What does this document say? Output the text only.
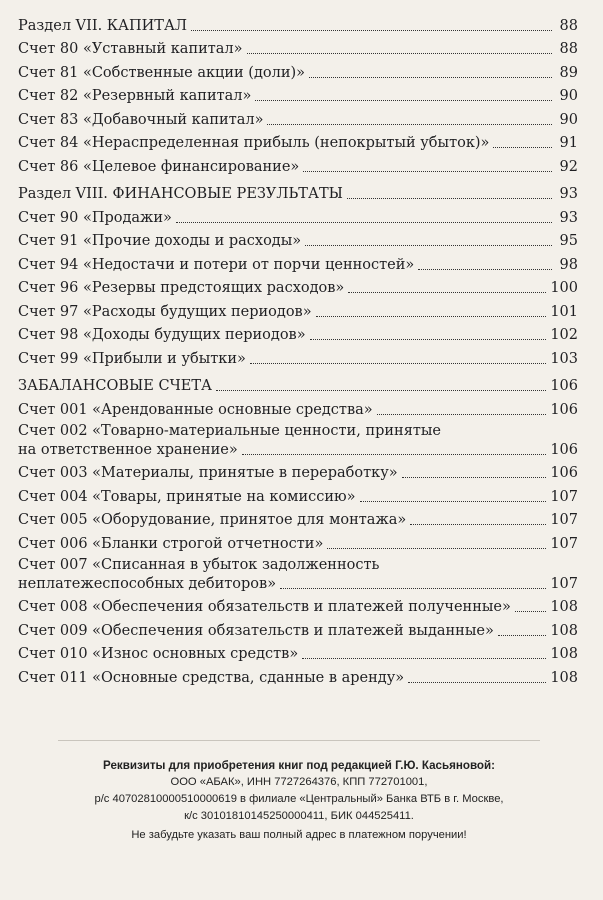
Раздел VII. КАПИТАЛ	88
Счет 80 «Уставный капитал»	88
Счет 81 «Собственные акции (доли)»	89
Счет 82 «Резервный капитал»	90
Счет 83 «Добавочный капитал»	90
Счет 84 «Нераспределенная прибыль (непокрытый убыток)»	91
Счет 86 «Целевое финансирование»	92
Раздел VIII. ФИНАНСОВЫЕ РЕЗУЛЬТАТЫ	93
Счет 90 «Продажи»	93
Счет 91 «Прочие доходы и расходы»	95
Счет 94 «Недостачи и потери от порчи ценностей»	98
Счет 96 «Резервы предстоящих расходов»	100
Счет 97 «Расходы будущих периодов»	101
Счет 98 «Доходы будущих периодов»	102
Счет 99 «Прибыли и убытки»	103
ЗАБАЛАНСОВЫЕ СЧЕТА	106
Счет 001 «Арендованные основные средства»	106
Счет 002 «Товарно-материальные ценности, принятые
на ответственное хранение»	106
Счет 003 «Материалы, принятые в переработку»	106
Счет 004 «Товары, принятые на комиссию»	107
Счет 005 «Оборудование, принятое для монтажа»	107
Счет 006 «Бланки строгой отчетности»	107
Счет 007 «Списанная в убыток задолженность
неплатежеспособных дебиторов»	107
Счет 008 «Обеспечения обязательств и платежей полученные»	108
Счет 009 «Обеспечения обязательств и платежей выданные»	108
Счет 010 «Износ основных средств»	108
Счет 011 «Основные средства, сданные в аренду»	108
Реквизиты для приобретения книг под редакцией Г.Ю. Касьяновой:
ООО «АБАК», ИНН 7727264376, КПП 772701001,
р/с 40702810000510000619 в филиале «Центральный» Банка ВТБ в г. Москве,
к/с 30101810145250000411, БИК 044525411.
Не забудьте указать ваш полный адрес в платежном поручении!
